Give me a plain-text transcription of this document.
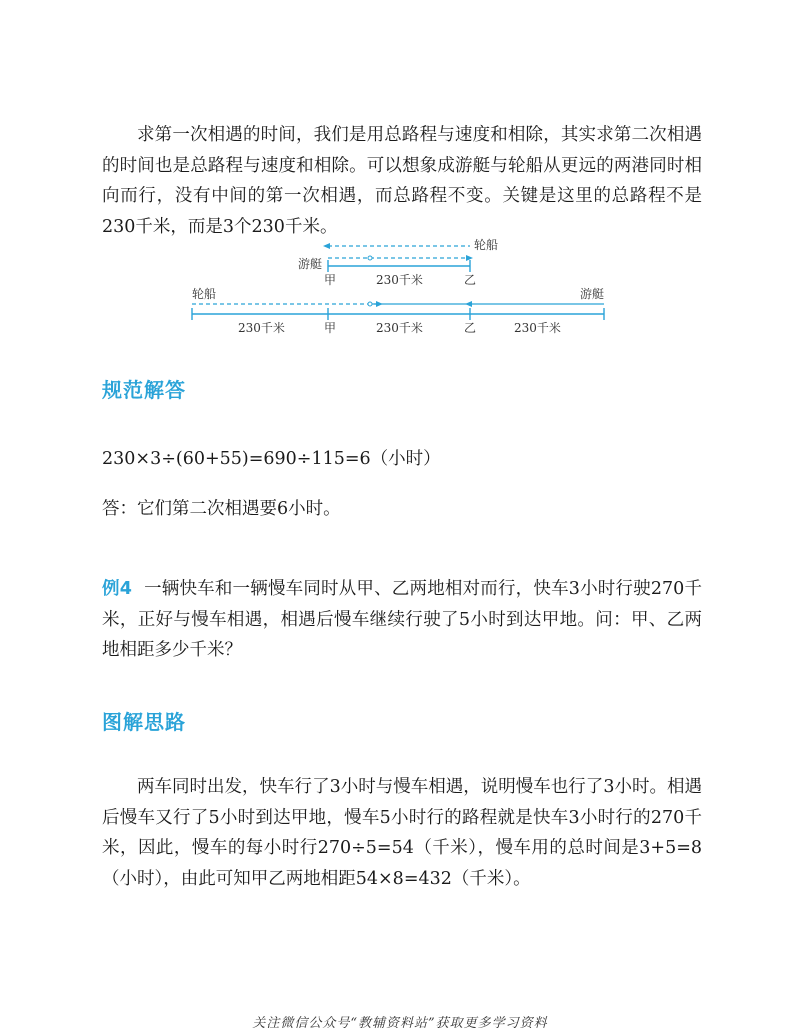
求第一次相遇的时间，我们是用总路程与速度和相除，其实求第二次相遇的时间也是总路程与速度和相除。可以想象成游艇与轮船从更远的两港同时相向而行，没有中间的第一次相遇，而总路程不变。关键是这里的总路程不是230千米，而是3个230千米。

轮船
游艇
甲	230千米	乙
轮船	游艇
230千米	甲	230千米	乙	230千米
规范解答

230×3÷(60+55)=690÷115=6（小时）

答：它们第二次相遇要6小时。

例4 一辆快车和一辆慢车同时从甲、乙两地相对而行，快车3小时行驶270千米，正好与慢车相遇，相遇后慢车继续行驶了5小时到达甲地。问：甲、乙两地相距多少千米？

图解思路

两车同时出发，快车行了3小时与慢车相遇，说明慢车也行了3小时。相遇后慢车又行了5小时到达甲地，慢车5小时行的路程就是快车3小时行的270千米，因此，慢车的每小时行270÷5=54（千米），慢车用的总时间是3+5=8（小时），由此可知甲乙两地相距54×8=432（千米）。

关注微信公众号“教辅资料站”获取更多学习资料
